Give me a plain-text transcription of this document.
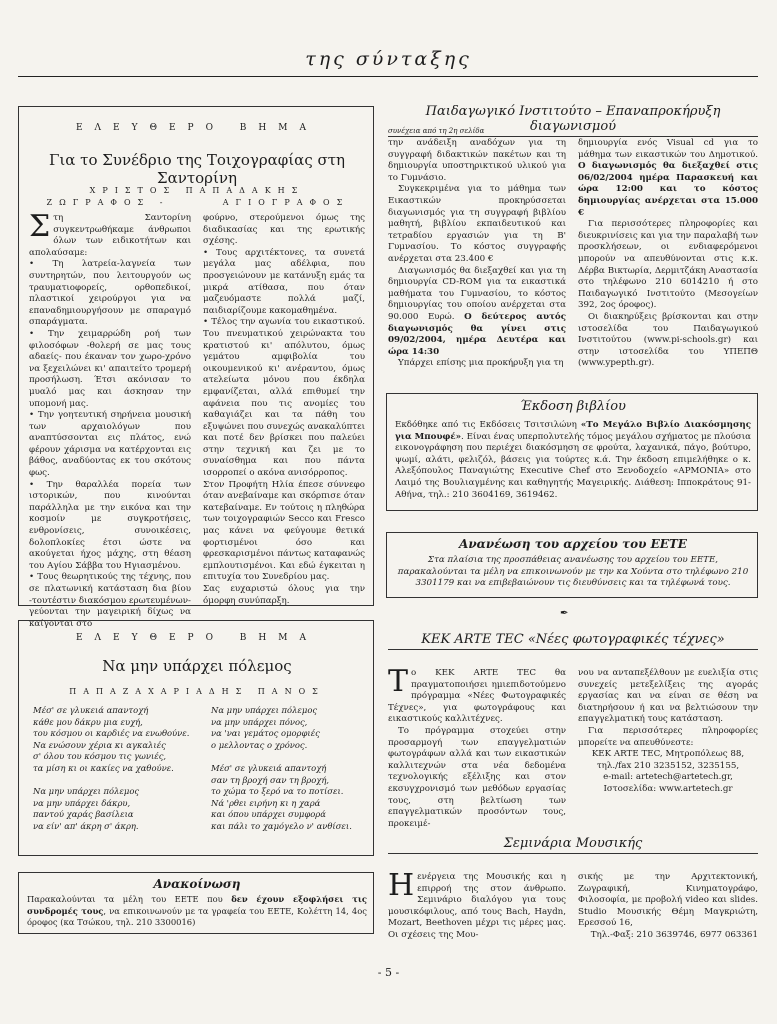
της σύνταξης
ΕΛΕΥΘΕΡΟ ΒΗΜΑ
Για το Συνέδριο της Τοιχογραφίας στη Σαντορίνη
ΧΡΙΣΤΟΣ ΠΑΠΑΔΑΚΗΣ
ΖΩΓΡΑΦΟΣ -	ΑΓΙΟΓΡΑΦΟΣ
Σ τη Σαντορίνη συγκεντρωθήκαμε άνθρωποι όλων των ειδικοτήτων και απολαύσαμε:

• Τη λατρεία-λαγνεία των συντηρητών, που λειτουργούν ως τραυματιοφορείς, ορθοπεδικοί, πλαστικοί χειρούργοι για να επαναδημιουργήσουν με σπαραγμό σπαράγματα.

• Την χειμαρρώδη ροή των φιλοσόφων -θολερή σε μας τους αδαείς- που έκαναν τον χωρο-χρόνο να ξεχειλώνει κι' απαιτείτο τρομερή προσήλωση. Έτσι ακόνισαν το μυαλό μας και άσκησαν την υπομονή μας.

• Την γοητευτική σηρήνεια μουσική των αρχαιολόγων που αναπτύσσονται εις πλάτος, ενώ φέρουν χάρισμα να κατέρχονται εις βάθος, αναδύοντας εκ του σκότους φως.

• Την θαραλλέα πορεία των ιστορικών, που κινούνται παράλληλα με την εικόνα και την κοσμοίν με συγκροτήσεις, ενθρονίσεις, συνοικέσεις, δολοπλοκίες έτσι ώστε να ακούγεται ήχος μάχης, στη θέαση του Αγίου Σάββα του Ηγιασμένου.

• Τους θεωρητικούς της τέχνης, που σε πλατωνική κατάσταση δια βίου -τουτέστιν διακόσμου ερωτευμένων- γεύονται την μαγειρική δίχως να καίγονται στο

φούρνο, στερούμενοι όμως της διαδικασίας και της ερωτικής σχέσης.

• Τους αρχιτέκτονες, τα συνετά μεγάλα μας αδέλφια, που προσγειώνουν με κατάνυξη εμάς τα μικρά ατίθασα, που όταν μαζευόμαστε πολλά μαζί, παιδιαρίζουμε κακομαθημένα.

• Τέλος την αγωνία του εικαστικού. Του πνευματικού χειρώνακτα του κρατιστού κι' απόλυτου, όμως γεμάτου αμφιβολία του οικουμενικού κι' ανέραντου, όμως ατελείωτα μόνου που έκδηλα εμφανίζεται, αλλά επιθυμεί την αφάνεια που τις ανομίες του καθαγιάζει και τα πάθη του εξυψώνει που συνεχώς ανακαλύπτει και ποτέ δεν βρίσκει που παλεύει στην τεχνική και ζει με το συναίσθημα και που πάντα ισορροπεί ο ακόνα ανισόρροπος.

Στον Προφήτη Ηλία έπεσε σύννεφο όταν ανεβαίναμε και σκόρπισε όταν κατεβαίναμε. Εν τούτοις η πληθώρα των τοιχογραφιών Secco και Fresco μας κάνει να φεύγουμε θετικά φορτισμένοι όσο και φρεσκαρισμένοι πάντως καταφανώς εμπλουτισμένοι. Και εδώ έγκειται η επιτυχία του Συνεδρίου μας.

Σας ευχαριστώ όλους για την όμορφη συνύπαρξη.

ΕΛΕΥΘΕΡΟ ΒΗΜΑ
Να μην υπάρχει πόλεμος
ΠΑΠΑΖΑΧΑΡΙΑΔΗΣ ΠΑΝΟΣ
Μέσ' σε γλυκειά απαντοχή
κάθε μου δάκρυ μια ευχή,
του κόσμου οι καρδιές να ενωθούνε.
Να ενώσουν χέρια κι αγκαλιές
σ' όλου του κόσμου τις γωνιές,
τα μίση κι οι κακίες να χαθούνε.

Να μην υπάρχει πόλεμος
να μην υπάρχει δάκρυ,
παντού χαράς βασίλεια
να είν' απ' άκρη σ' άκρη.
Να μην υπάρχει πόλεμος
να μην υπάρχει πόνος,
να 'ναι γεμάτος ομορφιές
ο μελλοντας ο χρόνος.

Μέσ' σε γλυκειά απαντοχή
σαν τη βροχή σαν τη βροχή,
το χώμα το ξερό να το ποτίσει.
Νά 'ρθει ειρήνη κι η χαρά
και όπου υπάρχει συμφορά
και πάλι το χαμόγελο ν' ανθίσει.
Ανακοίνωση
Παρακαλούνται τα μέλη του ΕΕΤΕ που δεν έχουν εξοφλήσει τις συνδρομές τους, να επικοινωνούν με τα γραφεία του ΕΕΤΕ, Κολέττη 14, 4ος όροφος (κα Τσώκου, τηλ. 210 3300016)
Παιδαγωγικό Ινστιτούτο – Επαναπροκήρυξη διαγωνισμού
συνέχεια από τη 2η σελίδα

την ανάδειξη αναδόχων για τη συγγραφή διδακτικών πακέτων και τη δημιουργία υποστηρικτικού υλικού για το Γυμνάσιο.

Συγκεκριμένα για το μάθημα των Εικαστικών προκηρύσσεται διαγωνισμός για τη συγγραφή βιβλίου μαθητή, βιβλίου εκπαιδευτικού και τετραδίου εργασιών για τη Β' Γυμνασίου. Το κόστος συγγραφής ανέρχεται στα 23.400 €

Διαγωνισμός θα διεξαχθεί και για τη δημιουργία CD-ROM για τα εικαστικά μαθήματα του Γυμνασίου, το κόστος δημιουργίας του οποίου ανέρχεται στα 90.000 Ευρώ. Ο δεύτερος αυτός διαγωνισμός θα γίνει στις 09/02/2004, ημέρα Δευτέρα και ώρα 14:30

Υπάρχει επίσης μια προκήρυξη για τη

δημιουργία ενός Visual cd για το μάθημα των εικαστικών του Δημοτικού. Ο διαγωνισμός θα διεξαχθεί στις 06/02/2004 ημέρα Παρασκευή και ώρα 12:00 και το κόστος δημιουργίας ανέρχεται στα 15.000 €

Για περισσότερες πληροφορίες και διευκρινίσεις και για την παραλαβή των προσκλήσεων, οι ενδιαφερόμενοι μπορούν να απευθύνονται στις κ.κ. Δέρβα Βικτωρία, Δερμιτζάκη Αναστασία στο τηλέφωνο 210 6014210 ή στο Παιδαγωγικό Ινστιτούτο (Μεσογείων 392, 2ος όροφος).

Οι διακηρύξεις βρίσκονται και στην ιστοσελίδα του Παιδαγωγικού Ινστιτούτου (www.pi-schools.gr) και στην ιστοσελίδα του ΥΠΕΠΘ (www.ypepth.gr).

Έκδοση βιβλίου
Εκδόθηκε από τις Εκδόσεις Τσιτσιλώνη «Το Μεγάλο Βιβλίο Διακόσμησης για Μπουφέ». Είναι ένας υπερπολυτελής τόμος μεγάλου σχήματος με πλούσια εικονογράφηση που περιέχει διακόσμηση σε φρούτα, λαχανικά, πάγο, βούτυρο, ψωμί, αλάτι, φελιζόλ, βάσεις για τούρτες κ.ά. Την έκδοση επιμελήθηκε ο κ. Αλεξόπουλος Παναγιώτης Executive Chef στο Ξενοδοχείο «ΑΡΜΟΝΙΑ» στο Λαιμό της Βουλιαγμένης και καθηγητής Μαγειρικής. Διάθεση: Ιπποκράτους 91-Αθήνα, τηλ.: 210 3604169, 3619462.
Ανανέωση του αρχείου του ΕΕΤΕ
Στα πλαίσια της προσπάθειας ανανέωσης του αρχείου του ΕΕΤΕ, παρακαλούνται τα μέλη να επικοινωνούν με την κα Χούντα στο τηλέφωνο 210 3301179 και να επιβεβαιώνουν τις διευθύνσεις και τα τηλέφωνά τους.
✒
ΚΕΚ ARTE TEC «Νέες φωτογραφικές τέχνες»
Τ ο ΚΕΚ ARTE TEC θα πραγματοποιήσει ημιεπιδοτούμενο πρόγραμμα «Νέες Φωτογραφικές Τέχνες», για φωτογράφους και εικαστικούς καλλιτέχνες.

Το πρόγραμμα στοχεύει στην προσαρμογή των επαγγελματιών φωτογράφων αλλά και των εικαστικών καλλιτεχνών στα νέα δεδομένα τεχνολογικής εξέλιξης και στον εκσυγχρονισμό των μεθόδων εργασίας τους, στη βελτίωση των επαγγελματικών προσόντων τους, προκειμέ-

νου να ανταπεξέλθουν με ευελιξία στις συνεχείς μετεξελίξεις της αγοράς εργασίας και να είναι σε θέση να διατηρήσουν ή και να βελτιώσουν την επαγγελματική τους κατάσταση.

Για περισσότερες πληροφορίες μπορείτε να απευθύνεστε:

ΚΕΚ ARTE TEC, Μητροπόλεως 88,

τηλ./fax 210 3235152, 3235155,

e-mail: artetech@artetech.gr,

Ιστοσελίδα: www.artetech.gr

Σεμινάρια Μουσικής
Η ενέργεια της Μουσικής και η επιρροή της στον άνθρωπο. Σεμινάριο διαλόγου για τους μουσικόφιλους, από τους Bach, Haydn, Mozart, Beethoven μέχρι τις μέρες μας. Οι σχέσεις της Μου-

σικής με την Αρχιτεκτονική, Ζωγραφική, Κινηματογράφο, Φιλοσοφία, με προβολή video και slides. Studio Μουσικής Θέμη Μαγκριώτη, Ερεσσού 16,

Τηλ.-Φαξ: 210 3639746, 6977 063361

- 5 -
